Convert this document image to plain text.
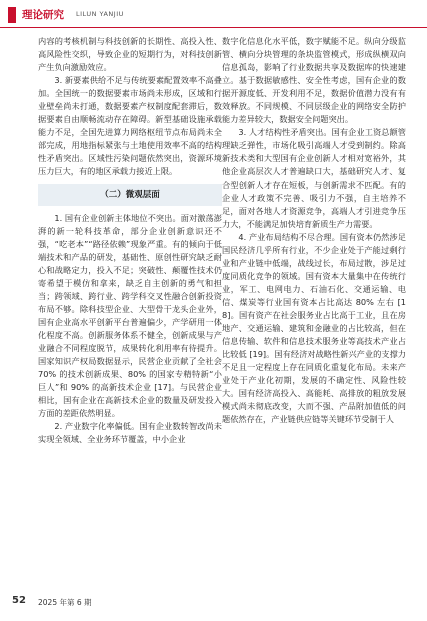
理论研究 LILUN YANJIU

内容的考核机制与科技创新的长期性、高投入性、高风险性交织，导致企业的短期行为，对科技创新产生负向激励效应。

3. 新要素供给不足与传统要素配置效率不高叠加。全国统一的数据要素市场尚未形成，区域和行业壁垒尚未打通，数据要素产权制度配套滞后，数据要素自由顺畅流动存在障碍。新型基础设施承载能力不足，全国先进算力网络枢纽节点布局尚未全部完成，用地指标紧张与土地使用效率不高的结构性矛盾突出。区域性污染问题依然突出，资源环境压力巨大，有的地区承载力接近上限。

（二）微观层面

1. 国有企业创新主体地位不突出。面对激荡澎湃的新一轮科技革命，部分企业创新意识还不强，“吃老本”“路径依赖”现象严重。有的倾向于低端技术和产品的研发，基础性、原创性研究缺乏耐心和战略定力，投入不足；突破性、颠覆性技术仍寄希望于模仿和拿来，缺乏自主创新的勇气和担当；跨领域、跨行业、跨学科交叉性融合创新投资布局不够。除科技型企业、大型骨干龙头企业外，国有企业高水平创新平台普遍偏少，产学研用一体化程度不高。创新服务体系不健全，创新成果与产业融合不同程度脱节，成果转化利用率有待提升。国家知识产权局数据显示，民营企业贡献了全社会 70% 的技术创新成果、80% 的国家专精特新“小巨人”和 90% 的高新技术企业 [17]。与民营企业相比，国有企业在高新技术企业的数量及研发投入方面的差距依然明显。

2. 产业数字化率偏低。国有企业数转智改尚未实现全领域、全业务环节覆盖，中小企业

数字化信息化水平低，数字赋能不足。纵向分级监管、横向分块管理的条块监管模式，形成纵横双向信息孤岛，影响了行业数据共享及数据库的快速建立。基于数据敏感性、安全性考虑，国有企业的数据开源度低、开发利用不足，数据价值潜力没有有效释放。不同规模、不同层级企业的网络安全防护能力差异较大，数据安全问题突出。

3. 人才结构性矛盾突出。国有企业工资总额管理缺乏弹性，市场化吸引高端人才受到制约。除高新技术类和大型国有企业创新人才相对宽裕外，其他企业高层次人才普遍缺口大，基础研究人才、复合型创新人才存在短板，与创新需求不匹配。有的企业人才政策不完善、吸引力不强，自主培养不足，面对各地人才资源竞争，高端人才引进竞争压力大，不能满足加快培育新质生产力需要。

4. 产业布局结构不尽合理。国有资本仍然涉足国民经济几乎所有行业，不少企业处于产能过剩行业和产业链中低端，战线过长，布局过散，涉足过度同质化竞争的领域。国有资本大量集中在传统行业，军工、电网电力、石油石化、交通运输、电信、煤炭等行业国有资本占比高达 80% 左右 [18]。国有资产在社会服务业占比高于工业，且在房地产、交通运输、建筑和金融业的占比较高，但在信息传输、软件和信息技术服务业等高技术产业占比较低 [19]。国有经济对战略性新兴产业的支撑力不足且一定程度上存在同质化重复化布局。未来产业处于产业化初期，发展的不确定性、风险性较大。国有经济高投入、高能耗、高排放的粗放发展模式尚未彻底改变，大而不强、产品附加值低的问题依然存在，产业链供应链等关键环节受制于人

52 2025 年第 6 期
